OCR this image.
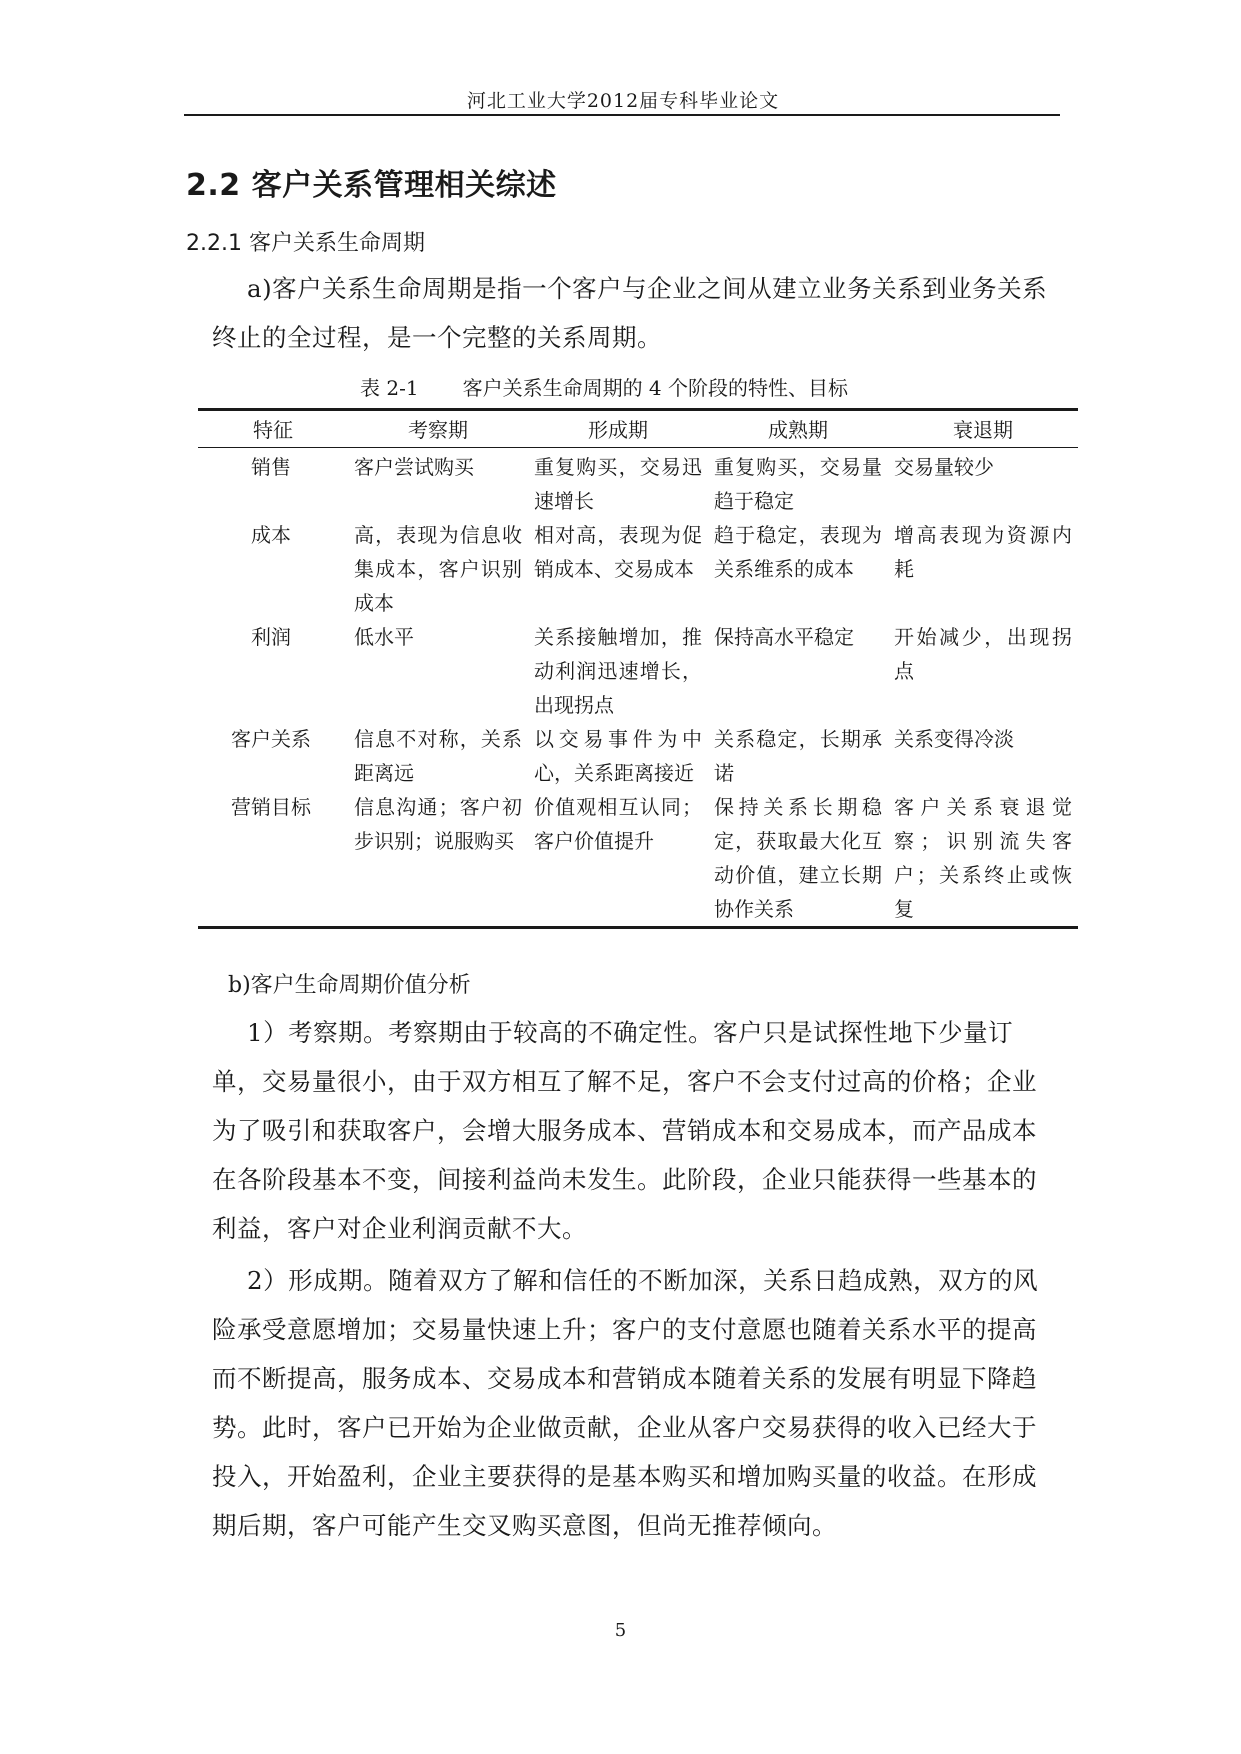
河北工业大学2012届专科毕业论文
2.2 客户关系管理相关综述
2.2.1 客户关系生命周期

a)客户关系生命周期是指一个客户与企业之间从建立业务关系到业务关系终止的全过程，是一个完整的关系周期。

表 2-1 客户关系生命周期的 4 个阶段的特性、目标
特征	考察期	形成期	成熟期	衰退期
销售	客户尝试购买	重复购买，交易迅速增长	重复购买，交易量趋于稳定	交易量较少
成本	高，表现为信息收集成本，客户识别成本	相对高，表现为促销成本、交易成本	趋于稳定，表现为关系维系的成本	增高表现为资源内耗
利润	低水平	关系接触增加，推动利润迅速增长，出现拐点	保持高水平稳定	开始减少，出现拐点
客户关系	信息不对称，关系距离远	以交易事件为中心，关系距离接近	关系稳定，长期承诺	关系变得冷淡
营销目标	信息沟通；客户初步识别；说服购买	价值观相互认同；客户价值提升	保持关系长期稳定，获取最大化互动价值，建立长期协作关系	客户关系衰退觉察；识别流失客户；关系终止或恢复
b)客户生命周期价值分析

1）考察期。考察期由于较高的不确定性。客户只是试探性地下少量订单，交易量很小，由于双方相互了解不足，客户不会支付过高的价格；企业为了吸引和获取客户，会增大服务成本、营销成本和交易成本，而产品成本在各阶段基本不变，间接利益尚未发生。此阶段，企业只能获得一些基本的利益，客户对企业利润贡献不大。

2）形成期。随着双方了解和信任的不断加深，关系日趋成熟，双方的风险承受意愿增加；交易量快速上升；客户的支付意愿也随着关系水平的提高而不断提高，服务成本、交易成本和营销成本随着关系的发展有明显下降趋势。此时，客户已开始为企业做贡献，企业从客户交易获得的收入已经大于投入，开始盈利，企业主要获得的是基本购买和增加购买量的收益。在形成期后期，客户可能产生交叉购买意图，但尚无推荐倾向。

5
